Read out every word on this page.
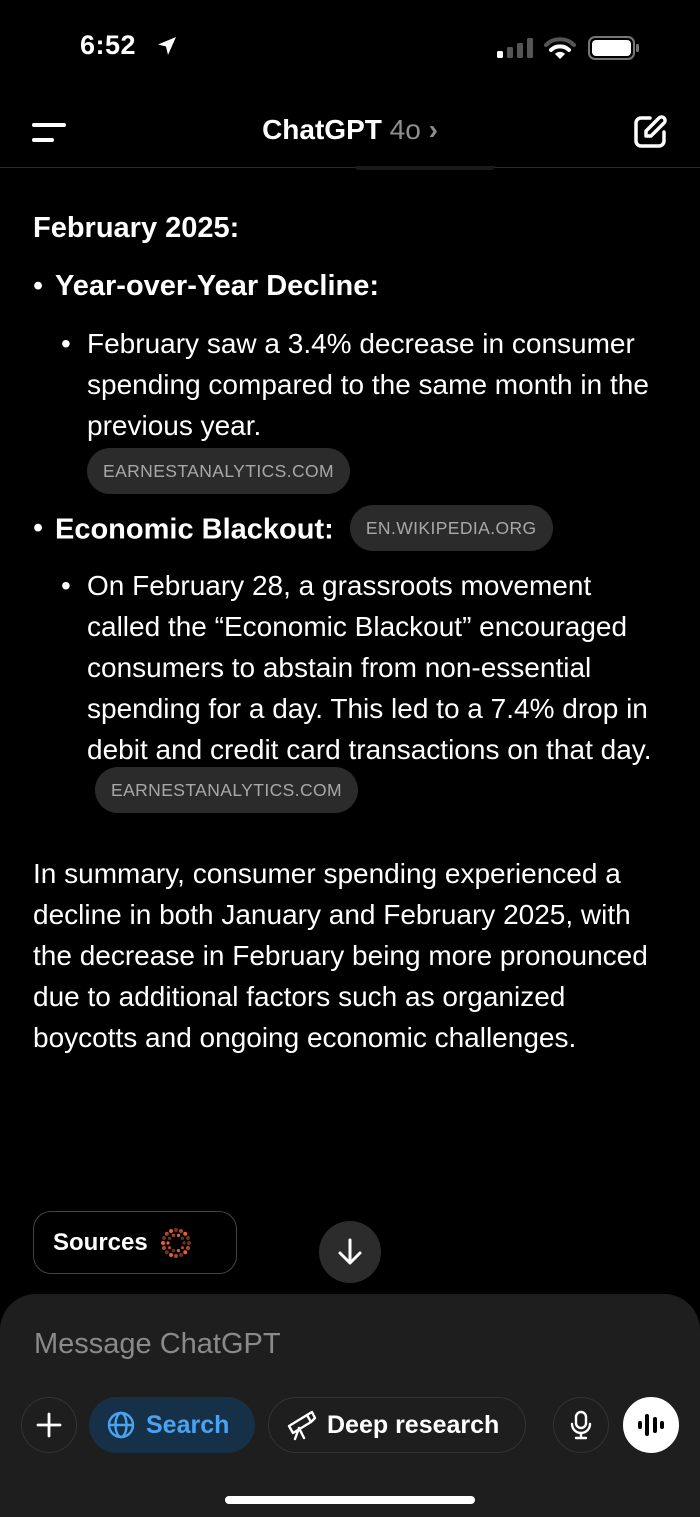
6:52
ChatGPT 4o ›
February 2025:
• Year-over-Year Decline:
• February saw a 3.4% decrease in consumer spending compared to the same month in the previous year.
EARNESTANALYTICS.COM
• Economic Blackout: EN.WIKIPEDIA.ORG
• On February 28, a grassroots movement called the “Economic Blackout” encouraged consumers to abstain from non-essential spending for a day. This led to a 7.4% drop in debit and credit card transactions on that day. EARNESTANALYTICS.COM
In summary, consumer spending experienced a decline in both January and February 2025, with the decrease in February being more pronounced due to additional factors such as organized boycotts and ongoing economic challenges.
Sources
Message ChatGPT
Search	Deep research
